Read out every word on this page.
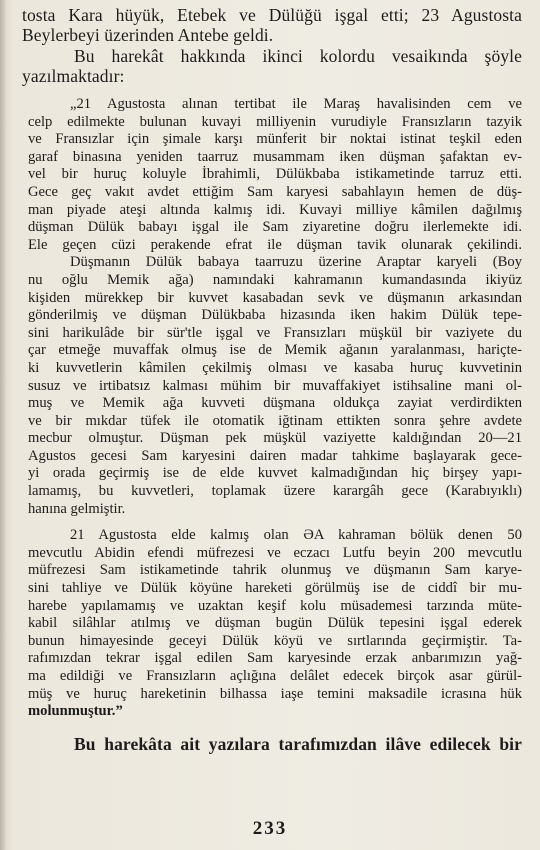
tosta Kara hüyük, Etebek ve Dülüğü işgal etti; 23 Agustosta
Beylerbeyi üzerinden Antebe geldi.
Bu harekât hakkında ikinci kolordu vesaikında şöyle
yazılmaktadır:
„21 Agustosta alınan tertibat ile Maraş havalisinden cem ve
celp edilmekte bulunan kuvayi milliyenin vurudiyle Fransızların tazyik
ve Fransızlar için şimale karşı münferit bir noktai istinat teşkil eden
garaf binasına yeniden taarruz musammam iken düşman şafaktan ev-
vel bir huruç koluyle İbrahimli, Dülükbaba istikametinde tarruz etti.
Gece geç vakıt avdet ettiğim Sam karyesi sabahlayın hemen de düş-
man piyade ateşi altında kalmış idi. Kuvayi milliye kâmilen dağılmış
düşman Dülük babayı işgal ile Sam ziyaretine doğru ilerlemekte idi.
Ele geçen cüzi perakende efrat ile düşman tavik olunarak çekilindi.
Düşmanın Dülük babaya taarruzu üzerine Araptar karyeli (Boy
nu oğlu Memik ağa) namındaki kahramanın kumandasında ikiyüz
kişiden mürekkep bir kuvvet kasabadan sevk ve düşmanın arkasından
gönderilmiş ve düşman Dülükbaba hizasında iken hakim Dülük tepe-
sini harikulâde bir sür'tle işgal ve Fransızları müşkül bir vaziyete du
çar etmeğe muvaffak olmuş ise de Memik ağanın yaralanması, hariçte-
ki kuvvetlerin kâmilen çekilmiş olması ve kasaba huruç kuvvetinin
susuz ve irtibatsız kalması mühim bir muvaffakiyet istihsaline mani ol-
muş ve Memik ağa kuvveti düşmana oldukça zayiat verdirdikten
ve bir mıkdar tüfek ile otomatik iğtinam ettikten sonra şehre avdete
mecbur olmuştur. Düşman pek müşkül vaziyette kaldığından 20—21
Agustos gecesi Sam karyesini dairen madar tahkime başlayarak gece-
yi orada geçirmiş ise de elde kuvvet kalmadığından hiç birşey yapı-
lamamış, bu kuvvetleri, toplamak üzere karargâh gece (Karabıyıklı)
hanına gelmiştir.
21 Agustosta elde kalmış olan ƏA kahraman bölük denen 50
mevcutlu Abidin efendi müfrezesi ve eczacı Lutfu beyin 200 mevcutlu
müfrezesi Sam istikametinde tahrik olunmuş ve düşmanın Sam karye-
sini tahliye ve Dülük köyüne hareketi görülmüş ise de ciddî bir mu-
harebe yapılamamış ve uzaktan keşif kolu müsademesi tarzında müte-
kabil silâhlar atılmış ve düşman bugün Dülük tepesini işgal ederek
bunun himayesinde geceyi Dülük köyü ve sırtlarında geçirmiştir. Ta-
rafımızdan tekrar işgal edilen Sam karyesinde erzak anbarımızın yağ-
ma edildiği ve Fransızların açlığına delâlet edecek birçok asar gürül-
müş ve huruç hareketinin bilhassa iaşe temini maksadile icrasına hük
molunmuştur.”
Bu harekâta ait yazılara tarafımızdan ilâve edilecek bir
233
